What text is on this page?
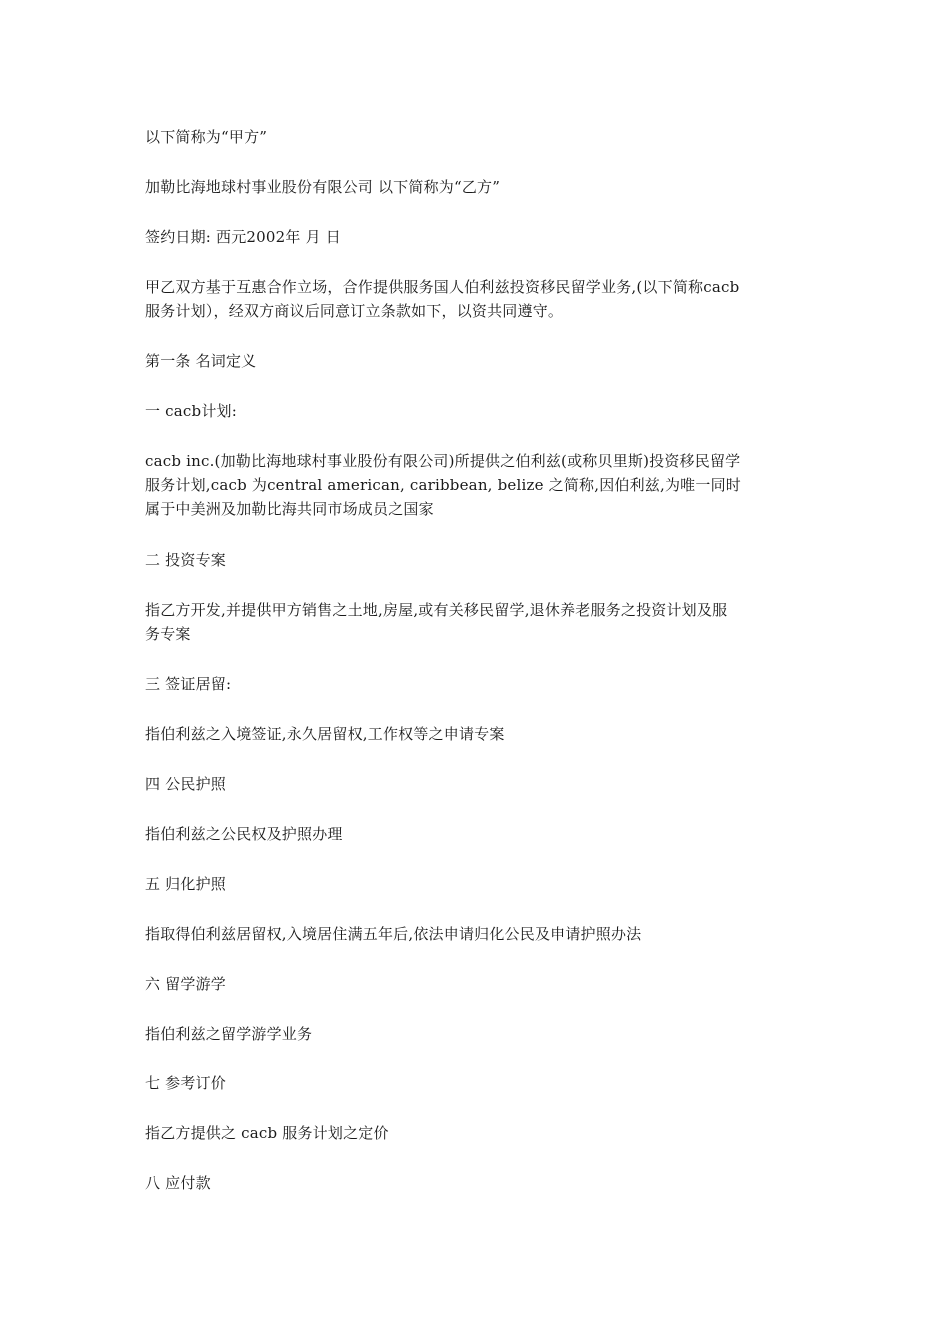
以下简称为“甲方”

加勒比海地球村事业股份有限公司 以下简称为“乙方”

签约日期: 西元2002年 月 日

甲乙双方基于互惠合作立场，合作提供服务国人伯利兹投资移民留学业务,(以下简称cacb
服务计划），经双方商议后同意订立条款如下，以资共同遵守。

第一条 名词定义

一 cacb计划:

cacb inc.(加勒比海地球村事业股份有限公司)所提供之伯利兹(或称贝里斯)投资移民留学
服务计划,cacb 为central american, caribbean, belize 之简称,因伯利兹,为唯一同时
属于中美洲及加勒比海共同市场成员之国家

二 投资专案

指乙方开发,并提供甲方销售之土地,房屋,或有关移民留学,退休养老服务之投资计划及服
务专案

三 签证居留:

指伯利兹之入境签证,永久居留权,工作权等之申请专案

四 公民护照

指伯利兹之公民权及护照办理

五 归化护照

指取得伯利兹居留权,入境居住满五年后,依法申请归化公民及申请护照办法

六 留学游学

指伯利兹之留学游学业务

七 参考订价

指乙方提供之 cacb 服务计划之定价

八 应付款
